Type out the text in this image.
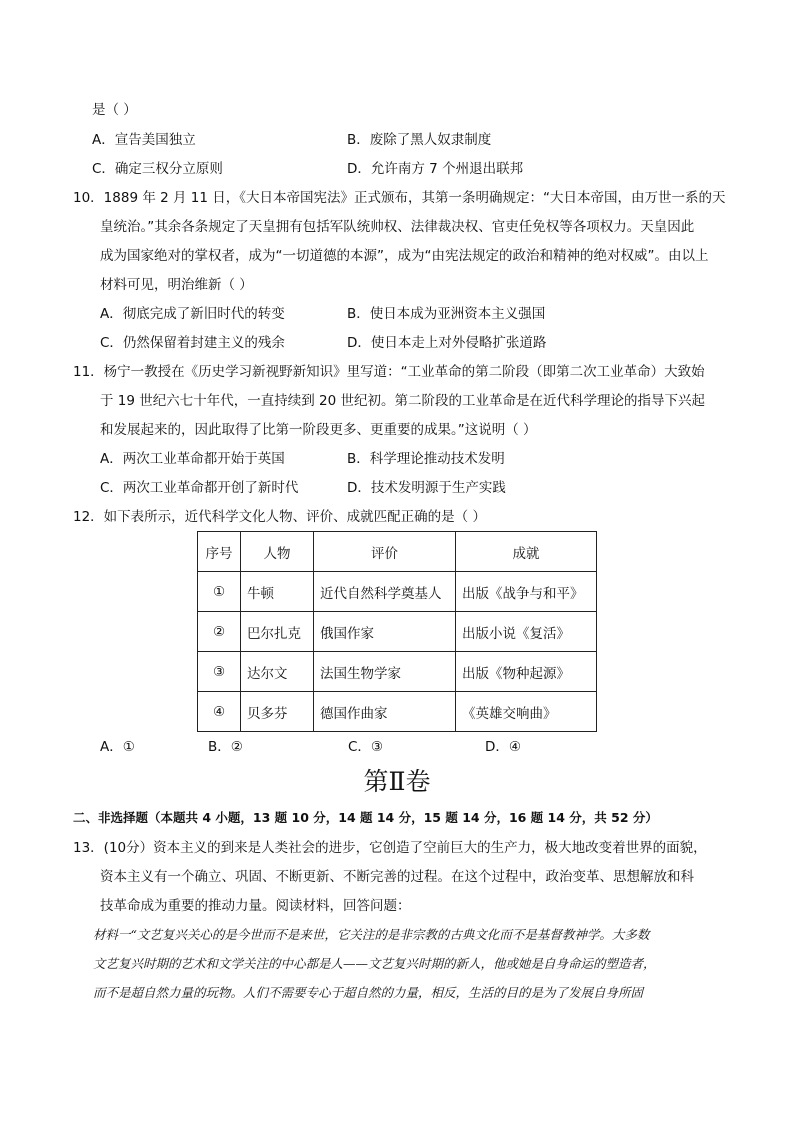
是（ ）
A．宣告美国独立	B．废除了黑人奴隶制度
C．确定三权分立原则	D．允许南方 7 个州退出联邦
10．1889 年 2 月 11 日，《大日本帝国宪法》正式颁布，其第一条明确规定：“大日本帝国，由万世一系的天
皇统治。”其余各条规定了天皇拥有包括军队统帅权、法律裁决权、官吏任免权等各项权力。天皇因此
成为国家绝对的掌权者，成为“一切道德的本源”，成为“由宪法规定的政治和精神的绝对权威”。由以上
材料可见，明治维新（ ）
A．彻底完成了新旧时代的转变	B．使日本成为亚洲资本主义强国
C．仍然保留着封建主义的残余	D．使日本走上对外侵略扩张道路
11．杨宁一教授在《历史学习新视野新知识》里写道：“工业革命的第二阶段（即第二次工业革命）大致始
于 19 世纪六七十年代，一直持续到 20 世纪初。第二阶段的工业革命是在近代科学理论的指导下兴起
和发展起来的，因此取得了比第一阶段更多、更重要的成果。”这说明（ ）
A．两次工业革命都开始于英国	B．科学理论推动技术发明
C．两次工业革命都开创了新时代	D．技术发明源于生产实践
12．如下表所示，近代科学文化人物、评价、成就匹配正确的是（ ）
序号	人物	评价	成就
①	牛顿	近代自然科学奠基人	出版《战争与和平》
②	巴尔扎克	俄国作家	出版小说《复活》
③	达尔文	法国生物学家	出版《物种起源》
④	贝多芬	德国作曲家	《英雄交响曲》
A．①	B．②	C．③	D．④
第Ⅱ卷
二、非选择题（本题共 4 小题，13 题 10 分，14 题 14 分，15 题 14 分，16 题 14 分，共 52 分）
13．(10分）资本主义的到来是人类社会的进步，它创造了空前巨大的生产力，极大地改变着世界的面貌，
资本主义有一个确立、巩固、不断更新、不断完善的过程。在这个过程中，政治变革、思想解放和科
技革命成为重要的推动力量。阅读材料，回答问题：
材料一“文艺复兴关心的是今世而不是来世，它关注的是非宗教的古典文化而不是基督教神学。大多数
文艺复兴时期的艺术和文学关注的中心都是人——文艺复兴时期的新人，他或她是自身命运的塑造者，
而不是超自然力量的玩物。人们不需要专心于超自然的力量，相反，生活的目的是为了发展自身所固
